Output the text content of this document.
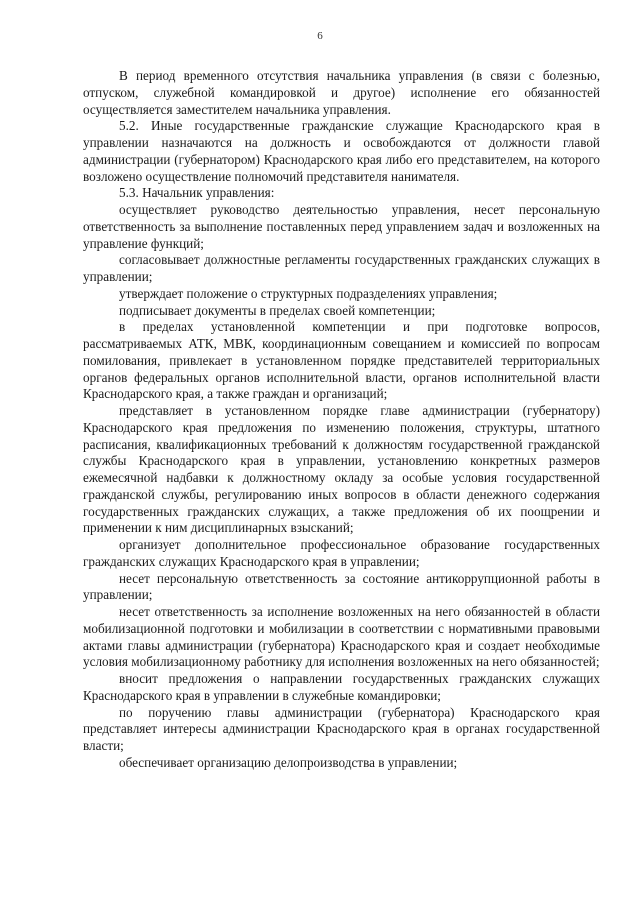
6

В период временного отсутствия начальника управления (в связи с болезнью, отпуском, служебной командировкой и другое) исполнение его обязанностей осуществляется заместителем начальника управления.

5.2. Иные государственные гражданские служащие Краснодарского края в управлении назначаются на должность и освобождаются от должности главой администрации (губернатором) Краснодарского края либо его представителем, на которого возложено осуществление полномочий представителя нанимателя.

5.3. Начальник управления:

осуществляет руководство деятельностью управления, несет персональную ответственность за выполнение поставленных перед управлением задач и возложенных на управление функций;

согласовывает должностные регламенты государственных гражданских служащих в управлении;

утверждает положение о структурных подразделениях управления;

подписывает документы в пределах своей компетенции;

в пределах установленной компетенции и при подготовке вопросов, рассматриваемых АТК, МВК, координационным совещанием и комиссией по вопросам помилования, привлекает в установленном порядке представителей территориальных органов федеральных органов исполнительной власти, органов исполнительной власти Краснодарского края, а также граждан и организаций;

представляет в установленном порядке главе администрации (губернатору) Краснодарского края предложения по изменению положения, структуры, штатного расписания, квалификационных требований к должностям государственной гражданской службы Краснодарского края в управлении, установлению конкретных размеров ежемесячной надбавки к должностному окладу за особые условия государственной гражданской службы, регулированию иных вопросов в области денежного содержания государственных гражданских служащих, а также предложения об их поощрении и применении к ним дисциплинарных взысканий;

организует дополнительное профессиональное образование государственных гражданских служащих Краснодарского края в управлении;

несет персональную ответственность за состояние антикоррупционной работы в управлении;

несет ответственность за исполнение возложенных на него обязанностей в области мобилизационной подготовки и мобилизации в соответствии с нормативными правовыми актами главы администрации (губернатора) Краснодарского края и создает необходимые условия мобилизационному работнику для исполнения возложенных на него обязанностей;

вносит предложения о направлении государственных гражданских служащих Краснодарского края в управлении в служебные командировки;

по поручению главы администрации (губернатора) Краснодарского края представляет интересы администрации Краснодарского края в органах государственной власти;

обеспечивает организацию делопроизводства в управлении;
